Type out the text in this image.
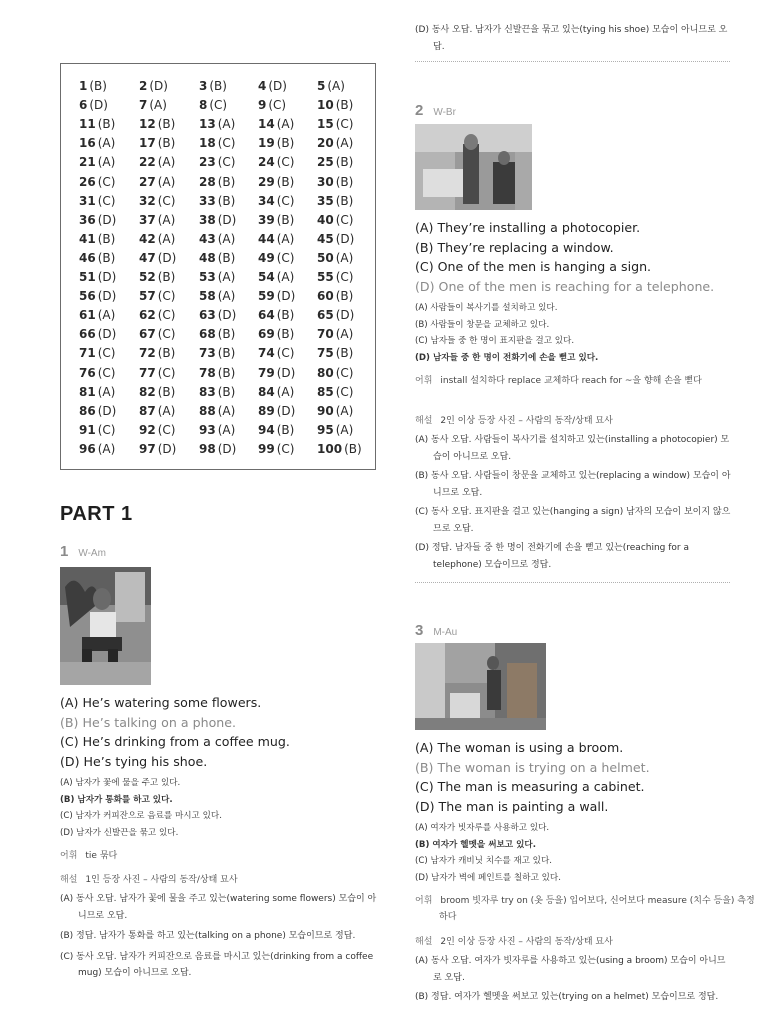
1 (B)	2 (D)	3 (B)	4 (D)	5 (A)
6 (D)	7 (A)	8 (C)	9 (C)	10 (B)
11 (B)	12 (B)	13 (A)	14 (A)	15 (C)
16 (A)	17 (B)	18 (C)	19 (B)	20 (A)
21 (A)	22 (A)	23 (C)	24 (C)	25 (B)
26 (C)	27 (A)	28 (B)	29 (B)	30 (B)
31 (C)	32 (C)	33 (B)	34 (C)	35 (B)
36 (D)	37 (A)	38 (D)	39 (B)	40 (C)
41 (B)	42 (A)	43 (A)	44 (A)	45 (D)
46 (B)	47 (D)	48 (B)	49 (C)	50 (A)
51 (D)	52 (B)	53 (A)	54 (A)	55 (C)
56 (D)	57 (C)	58 (A)	59 (D)	60 (B)
61 (A)	62 (C)	63 (D)	64 (B)	65 (D)
66 (D)	67 (C)	68 (B)	69 (B)	70 (A)
71 (C)	72 (B)	73 (B)	74 (C)	75 (B)
76 (C)	77 (C)	78 (B)	79 (D)	80 (C)
81 (A)	82 (B)	83 (B)	84 (A)	85 (C)
86 (D)	87 (A)	88 (A)	89 (D)	90 (A)
91 (C)	92 (C)	93 (A)	94 (B)	95 (A)
96 (A)	97 (D)	98 (D)	99 (C)	100 (B)
PART 1
1 W-Am
(A) He’s watering some flowers.
(B) He’s talking on a phone.
(C) He’s drinking from a coffee mug.
(D) He’s tying his shoe.
(A) 남자가 꽃에 물을 주고 있다.
(B) 남자가 통화를 하고 있다.
(C) 남자가 커피잔으로 음료를 마시고 있다.
(D) 남자가 신발끈을 묶고 있다.
어휘 tie 묶다
해설 1인 등장 사진 – 사람의 동작/상태 묘사
(A) 동사 오답. 남자가 꽃에 물을 주고 있는(watering some flowers) 모습이 아니므로 오답.
(B) 정답. 남자가 통화를 하고 있는(talking on a phone) 모습이므로 정답.
(C) 동사 오답. 남자가 커피잔으로 음료를 마시고 있는(drinking from a coffee mug) 모습이 아니므로 오답.
(D) 동사 오답. 남자가 신발끈을 묶고 있는(tying his shoe) 모습이 아니므로 오답.
2 W-Br
(A) They’re installing a photocopier.
(B) They’re replacing a window.
(C) One of the men is hanging a sign.
(D) One of the men is reaching for a telephone.
(A) 사람들이 복사기를 설치하고 있다.
(B) 사람들이 창문을 교체하고 있다.
(C) 남자들 중 한 명이 표지판을 걸고 있다.
(D) 남자들 중 한 명이 전화기에 손을 뻗고 있다.
어휘 install 설치하다 replace 교체하다 reach for ~을 향해 손을 뻗다
해설 2인 이상 등장 사진 – 사람의 동작/상태 묘사
(A) 동사 오답. 사람들이 복사기를 설치하고 있는(installing a photocopier) 모습이 아니므로 오답.
(B) 동사 오답. 사람들이 창문을 교체하고 있는(replacing a window) 모습이 아니므로 오답.
(C) 동사 오답. 표지판을 걸고 있는(hanging a sign) 남자의 모습이 보이지 않으므로 오답.
(D) 정답. 남자들 중 한 명이 전화기에 손을 뻗고 있는(reaching for a telephone) 모습이므로 정답.
3 M-Au
(A) The woman is using a broom.
(B) The woman is trying on a helmet.
(C) The man is measuring a cabinet.
(D) The man is painting a wall.
(A) 여자가 빗자루를 사용하고 있다.
(B) 여자가 헬멧을 써보고 있다.
(C) 남자가 캐비닛 치수를 재고 있다.
(D) 남자가 벽에 페인트를 칠하고 있다.
어휘 broom 빗자루 try on (옷 등을) 입어보다, 신어보다 measure (치수 등을) 측정하다
해설 2인 이상 등장 사진 – 사람의 동작/상태 묘사
(A) 동사 오답. 여자가 빗자루를 사용하고 있는(using a broom) 모습이 아니므로 오답.
(B) 정답. 여자가 헬멧을 써보고 있는(trying on a helmet) 모습이므로 정답.
